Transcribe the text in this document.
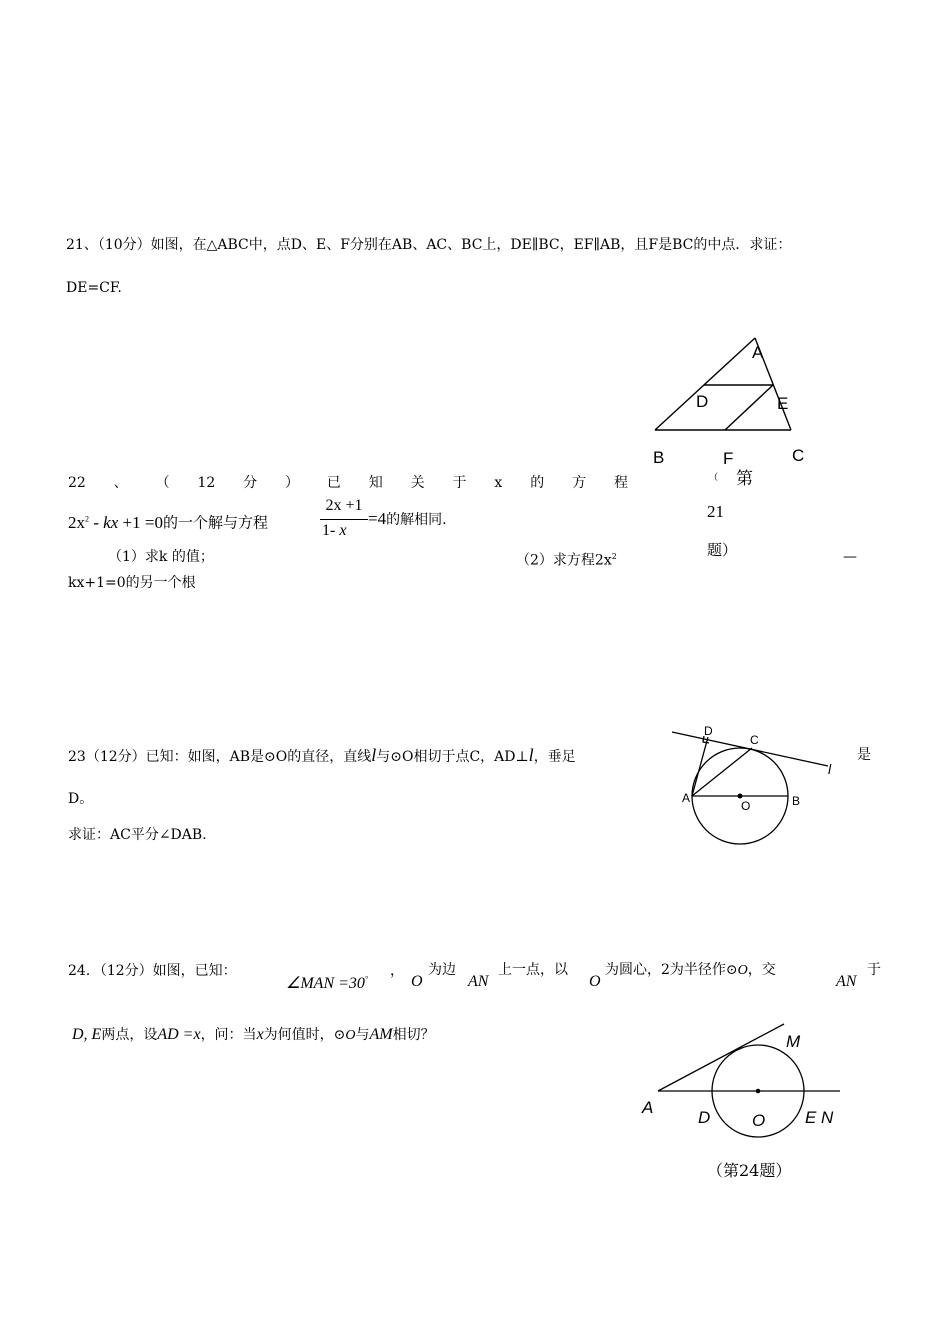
21、（10分）如图，在△ABC中，点D、E、F分别在AB、AC、BC上，DE∥BC，EF∥AB，且F是BC的中点．求证：
DE=CF.
A
D	E
B	F	C
（ 第
21
题）
22 、 （ 12 分 ） 已 知 关 于 x 的 方 程
$2x^2$ - kx +1 =0的一个解与方程
2x +1
1- x
=4的解相同.
（1）求k 的值；	（2）求方程$2x^2$	—
kx+1=0的另一个根
23（12分）已知：如图，AB是⊙O的直径，直线l与⊙O相切于点C，AD⊥l，垂足	是
D。
求证：AC平分∠DAB.
D
C
l
A
O	B
24．（12分）如图，已知：
∠MAN =30°
，
O
为边
AN
上一点，以
O
为圆心，2为半径作⊙O，交
AN
于
D, E两点，设AD =x，问：当x为何值时，⊙O与AM相切？	M
A
D O E N
（第24题）
